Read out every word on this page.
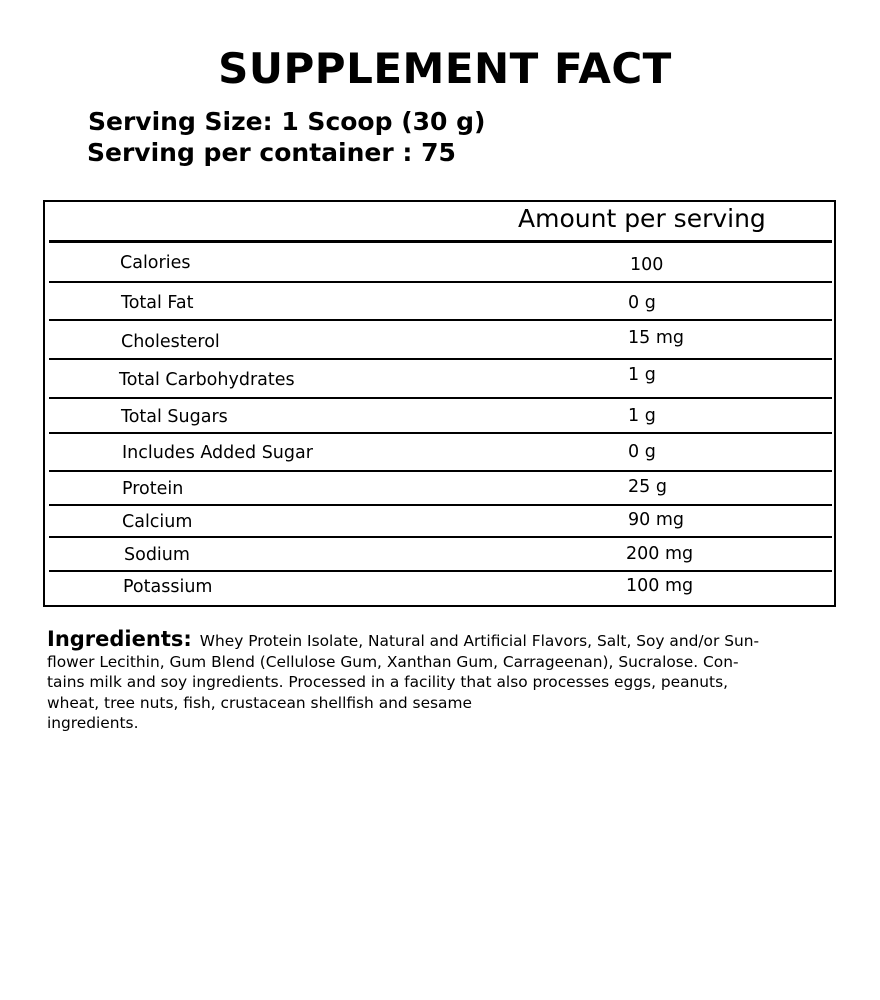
SUPPLEMENT FACT
Serving Size: 1 Scoop (30 g)
Serving per container : 75
Amount per serving
Calories	100
Total Fat	0 g
Cholesterol	15 mg
Total Carbohydrates	1 g
Total Sugars	1 g
Includes Added Sugar	0 g
Protein	25 g
Calcium	90 mg
Sodium	200 mg
Potassium	100 mg
Ingredients: Whey Protein Isolate, Natural and Artificial Flavors, Salt, Soy and/or Sun-
flower Lecithin, Gum Blend (Cellulose Gum, Xanthan Gum, Carrageenan), Sucralose. Con-
tains milk and soy ingredients. Processed in a facility that also processes eggs, peanuts,
wheat, tree nuts, fish, crustacean shellfish and sesame
ingredients.
